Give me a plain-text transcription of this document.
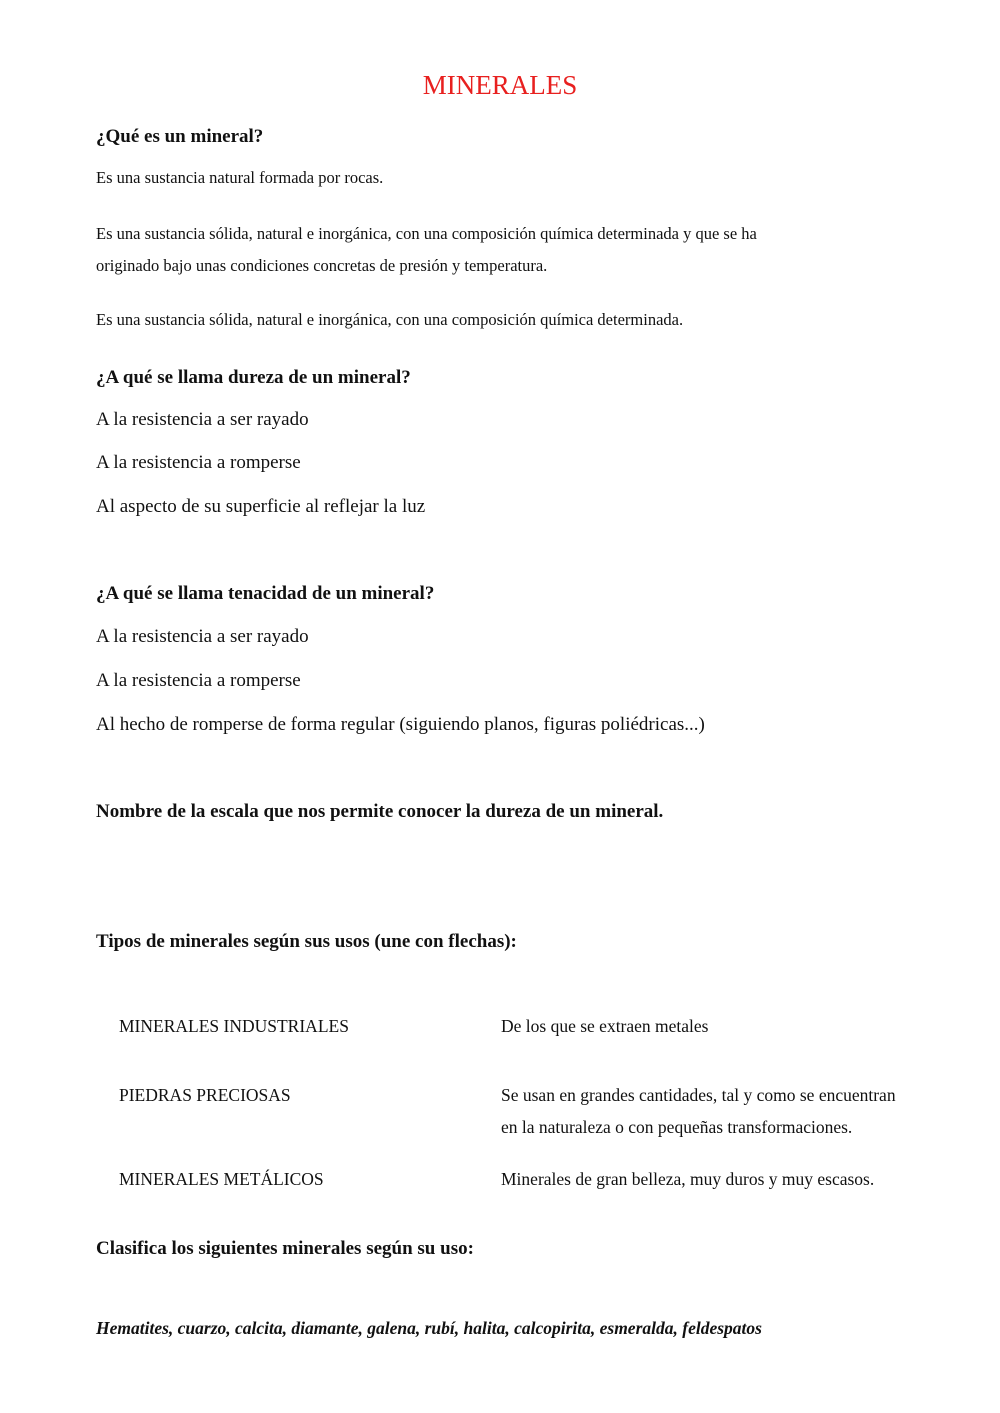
MINERALES
¿Qué es un mineral?
Es una sustancia natural formada por rocas.
Es una sustancia sólida, natural e inorgánica, con una composición química determinada y que se ha
originado bajo unas condiciones concretas de presión y temperatura.
Es una sustancia sólida, natural e inorgánica, con una composición química determinada.
¿A qué se llama dureza de un mineral?
A la resistencia a ser rayado
A la resistencia a romperse
Al aspecto de su superficie al reflejar la luz
¿A qué se llama tenacidad de un mineral?
A la resistencia a ser rayado
A la resistencia a romperse
Al hecho de romperse de forma regular (siguiendo planos, figuras poliédricas...)
Nombre de la escala que nos permite conocer la dureza de un mineral.
Tipos de minerales según sus usos (une con flechas):
MINERALES INDUSTRIALES	De los que se extraen metales
PIEDRAS PRECIOSAS	Se usan en grandes cantidades, tal y como se encuentran
en la naturaleza o con pequeñas transformaciones.
MINERALES METÁLICOS	Minerales de gran belleza, muy duros y muy escasos.
Clasifica los siguientes minerales según su uso:
Hematites, cuarzo, calcita, diamante, galena, rubí, halita, calcopirita, esmeralda, feldespatos
